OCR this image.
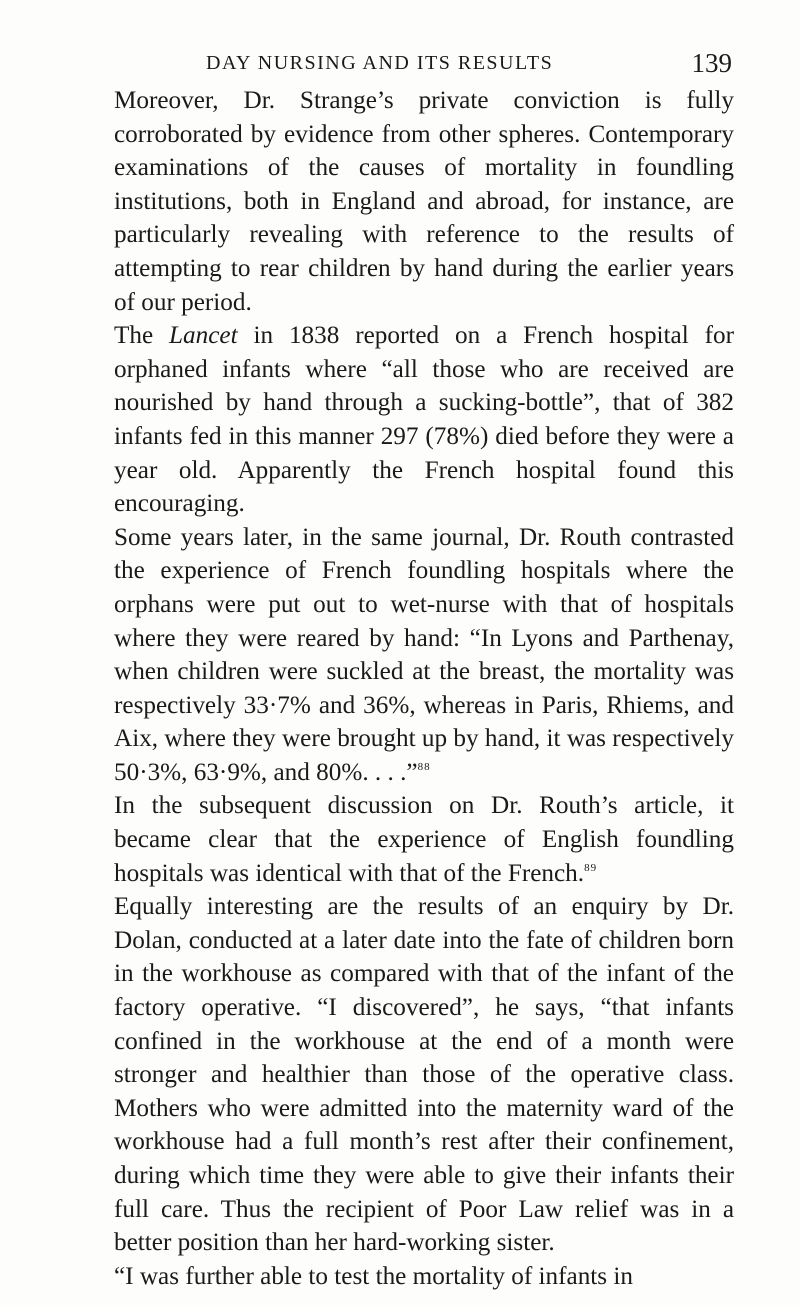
DAY NURSING AND ITS RESULTS	139

Moreover, Dr. Strange’s private conviction is fully corroborated by evidence from other spheres. Contemporary examinations of the causes of mortality in foundling institutions, both in England and abroad, for instance, are particularly revealing with reference to the results of attempting to rear children by hand during the earlier years of our period.

The Lancet in 1838 reported on a French hospital for orphaned infants where “all those who are received are nourished by hand through a sucking-bottle”, that of 382 infants fed in this manner 297 (78%) died before they were a year old. Apparently the French hospital found this encouraging.

Some years later, in the same journal, Dr. Routh contrasted the experience of French foundling hospitals where the orphans were put out to wet-nurse with that of hospitals where they were reared by hand: “In Lyons and Parthenay, when children were suckled at the breast, the mortality was respectively 33·7% and 36%, whereas in Paris, Rhiems, and Aix, where they were brought up by hand, it was respectively 50·3%, 63·9%, and 80%. . . .”$^{88}$

In the subsequent discussion on Dr. Routh’s article, it became clear that the experience of English foundling hospitals was identical with that of the French.$^{89}$

Equally interesting are the results of an enquiry by Dr. Dolan, conducted at a later date into the fate of children born in the workhouse as compared with that of the infant of the factory operative. “I discovered”, he says, “that infants confined in the workhouse at the end of a month were stronger and healthier than those of the operative class. Mothers who were admitted into the maternity ward of the workhouse had a full month’s rest after their confinement, during which time they were able to give their infants their full care. Thus the recipient of Poor Law relief was in a better position than her hard-working sister.

“I was further able to test the mortality of infants in
